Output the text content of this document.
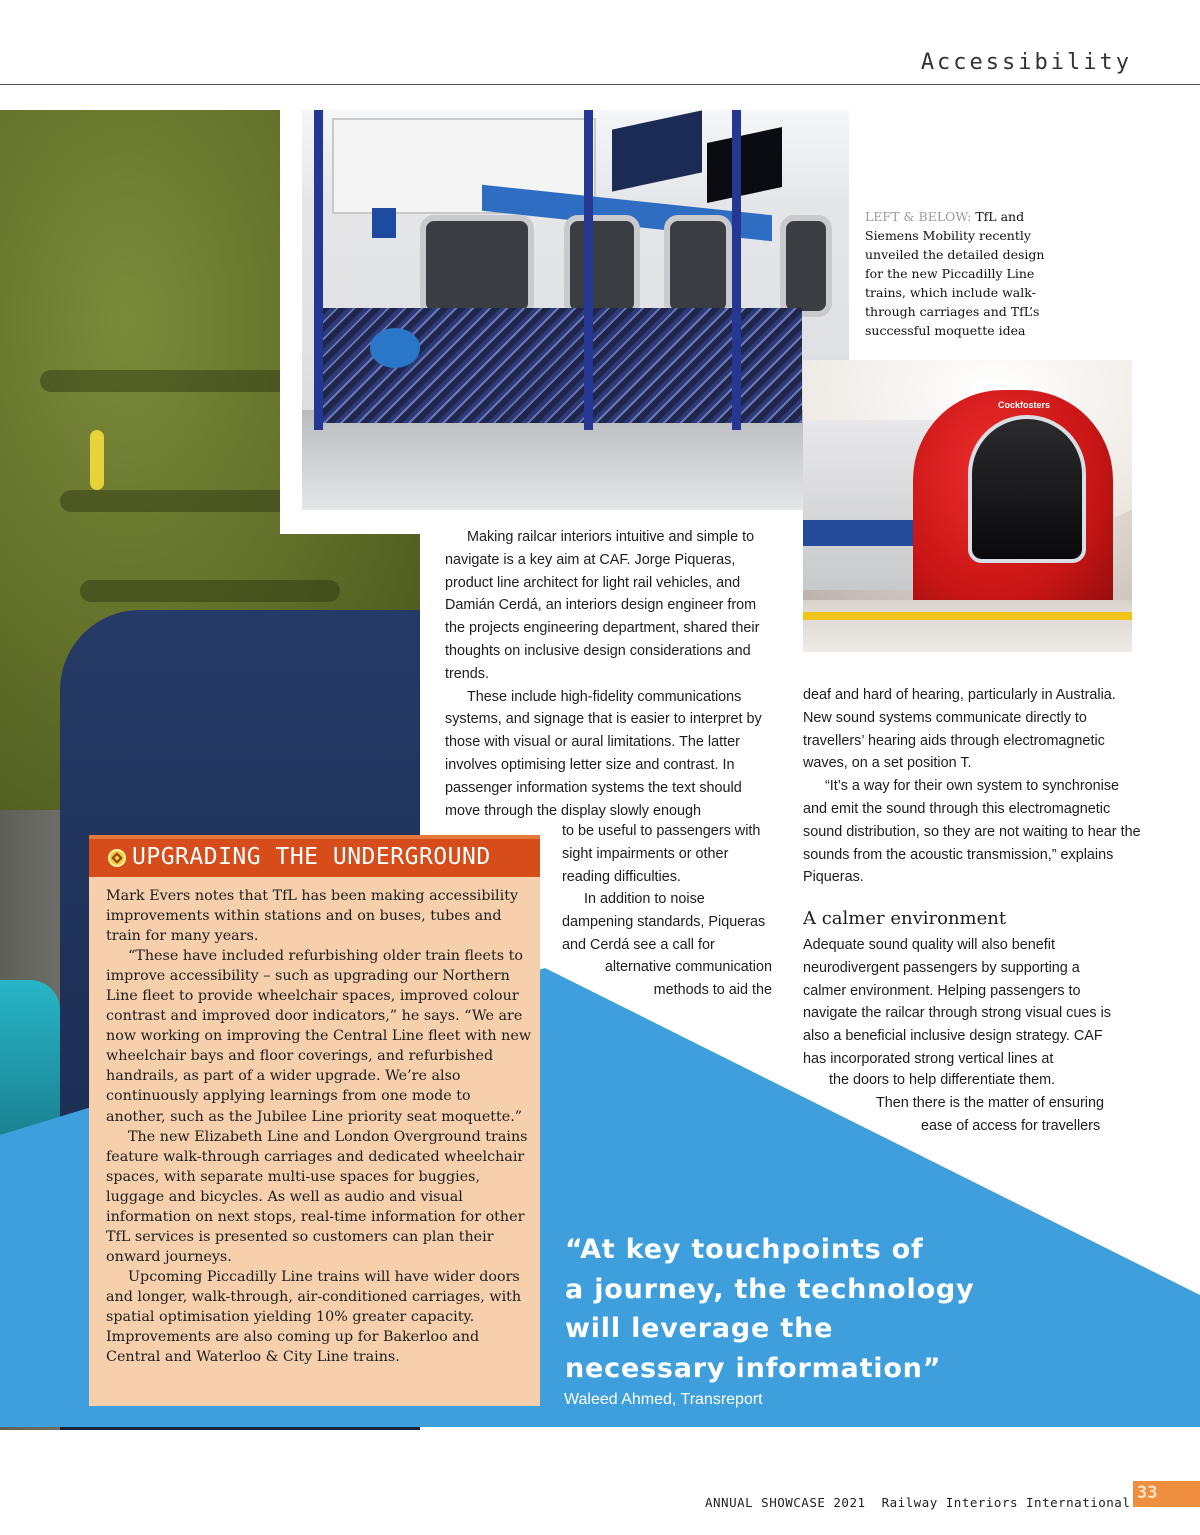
Accessibility
LEFT & BELOW: TfL and Siemens Mobility recently unveiled the detailed design for the new Piccadilly Line trains, which include walk-through carriages and TfL’s successful moquette idea
Cockfosters

Making railcar interiors intuitive and simple to navigate is a key aim at CAF. Jorge Piqueras, product line architect for light rail vehicles, and Damián Cerdá, an interiors design engineer from the projects engineering department, shared their thoughts on inclusive design considerations and trends.

These include high-fidelity communications systems, and signage that is easier to interpret by those with visual or aural limitations. The latter involves optimising letter size and contrast. In passenger information systems the text should move through the display slowly enough

to be useful to passengers with sight impairments or other reading difficulties.

In addition to noise dampening standards, Piqueras and Cerdá see a call for

alternative communication methods to aid the

deaf and hard of hearing, particularly in Australia. New sound systems communicate directly to travellers’ hearing aids through electromagnetic waves, on a set position T.

“It’s a way for their own system to synchronise and emit the sound through this electromagnetic sound distribution, so they are not waiting to hear the sounds from the acoustic transmission,” explains Piqueras.

A calmer environment

Adequate sound quality will also benefit neurodivergent passengers by supporting a calmer environment. Helping passengers to navigate the railcar through strong visual cues is also a beneficial inclusive design strategy. CAF has incorporated strong vertical lines at

the doors to help differentiate them.

Then there is the matter of ensuring

ease of access for travellers

UPGRADING THE UNDERGROUND

Mark Evers notes that TfL has been making accessibility improvements within stations and on buses, tubes and train for many years.

“These have included refurbishing older train fleets to improve accessibility – such as upgrading our Northern Line fleet to provide wheelchair spaces, improved colour contrast and improved door indicators,” he says. “We are now working on improving the Central Line fleet with new wheelchair bays and floor coverings, and refurbished handrails, as part of a wider upgrade. We’re also continuously applying learnings from one mode to another, such as the Jubilee Line priority seat moquette.”

The new Elizabeth Line and London Overground trains feature walk-through carriages and dedicated wheelchair spaces, with separate multi-use spaces for buggies, luggage and bicycles. As well as audio and visual information on next stops, real-time information for other TfL services is presented so customers can plan their onward journeys.

Upcoming Piccadilly Line trains will have wider doors and longer, walk-through, air-conditioned carriages, with spatial optimisation yielding 10% greater capacity. Improvements are also coming up for Bakerloo and Central and Waterloo & City Line trains.

“At key touchpoints of
a journey, the technology
will leverage the
necessary information”
Waleed Ahmed, Transreport
ANNUAL SHOWCASE 2021  Railway Interiors International 33
